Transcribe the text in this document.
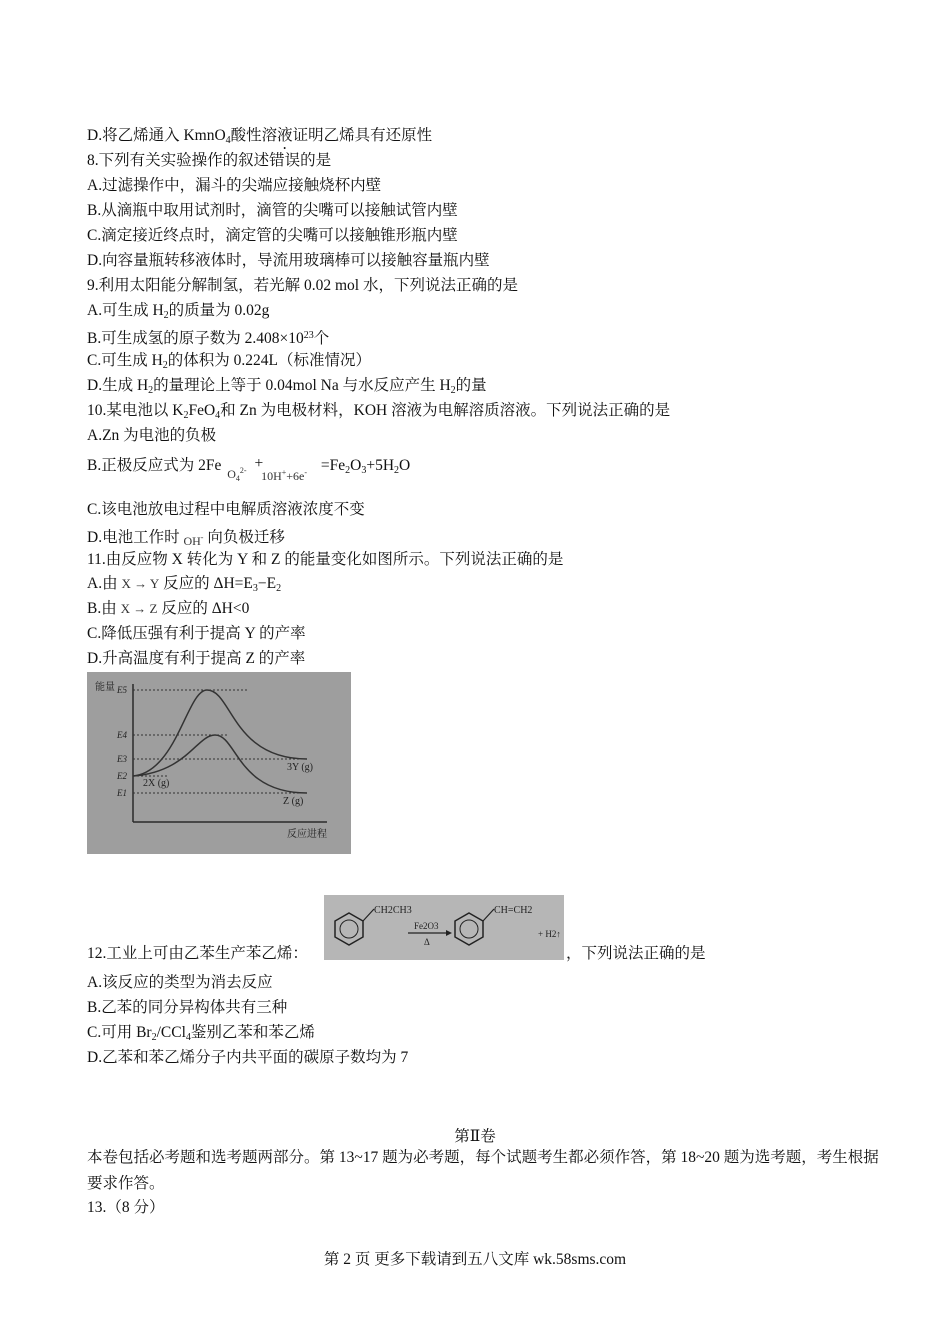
D.将乙烯通入 KmnO$_4$酸性溶液证明乙烯具有还原性
8.下列有关实验操作的叙述错误的是
A.过滤操作中，漏斗的尖端应接触烧杯内壁
B.从滴瓶中取用试剂时，滴管的尖嘴可以接触试管内壁
C.滴定接近终点时，滴定管的尖嘴可以接触锥形瓶内壁
D.向容量瓶转移液体时，导流用玻璃棒可以接触容量瓶内壁
9.利用太阳能分解制氢，若光解 0.02 mol 水，下列说法正确的是
A.可生成 $H_2$的质量为 0.02g
B.可生成氢的原子数为 $2.408\times 10^{23}$个
C.可生成 $H_2$的体积为 0.224L（标准情况）
D.生成 $H_2$的量理论上等于 0.04mol Na 与水反应产生 $H_2$的量
10.某电池以 $K_2FeO_4$和 Zn 为电极材料，KOH 溶液为电解溶质溶液。下列说法正确的是
A.Zn 为电池的负极
B.正极反应式为 2Fe $_{O_4^{2-}} + _{10H^++6e^-} =Fe_2O_3+5H_2O$
C.该电池放电过程中电解质溶液浓度不变
D.电池工作时 OH- 向负极迁移
11.由反应物 X 转化为 Y 和 Z 的能量变化如图所示。下列说法正确的是
A.由 X → Y 反应的 $\Delta H=E_3-E_2$
B.由 X → Z 反应的 ΔH<0
C.降低压强有利于提高 Y 的产率
D.升高温度有利于提高 Z 的产率
能量 E5
E4
E3
E2
E1
2X (g)
3Y (g)
Z (g)
反应进程
CH2CH3
Fe2O3
Δ
CH=CH2
+ H2↑
12.工业上可由乙苯生产苯乙烯：	，下列说法正确的是
A.该反应的类型为消去反应
B.乙苯的同分异构体共有三种
C.可用 $Br_2/CCl_4$鉴别乙苯和苯乙烯
D.乙苯和苯乙烯分子内共平面的碳原子数均为 7
第Ⅱ卷
本卷包括必考题和选考题两部分。第 13~17 题为必考题，每个试题考生都必须作答，第 18~20 题为选考题，考生根据要求作答。
13.（8 分）
第 2 页 更多下载请到五八文库 wk.58sms.com
